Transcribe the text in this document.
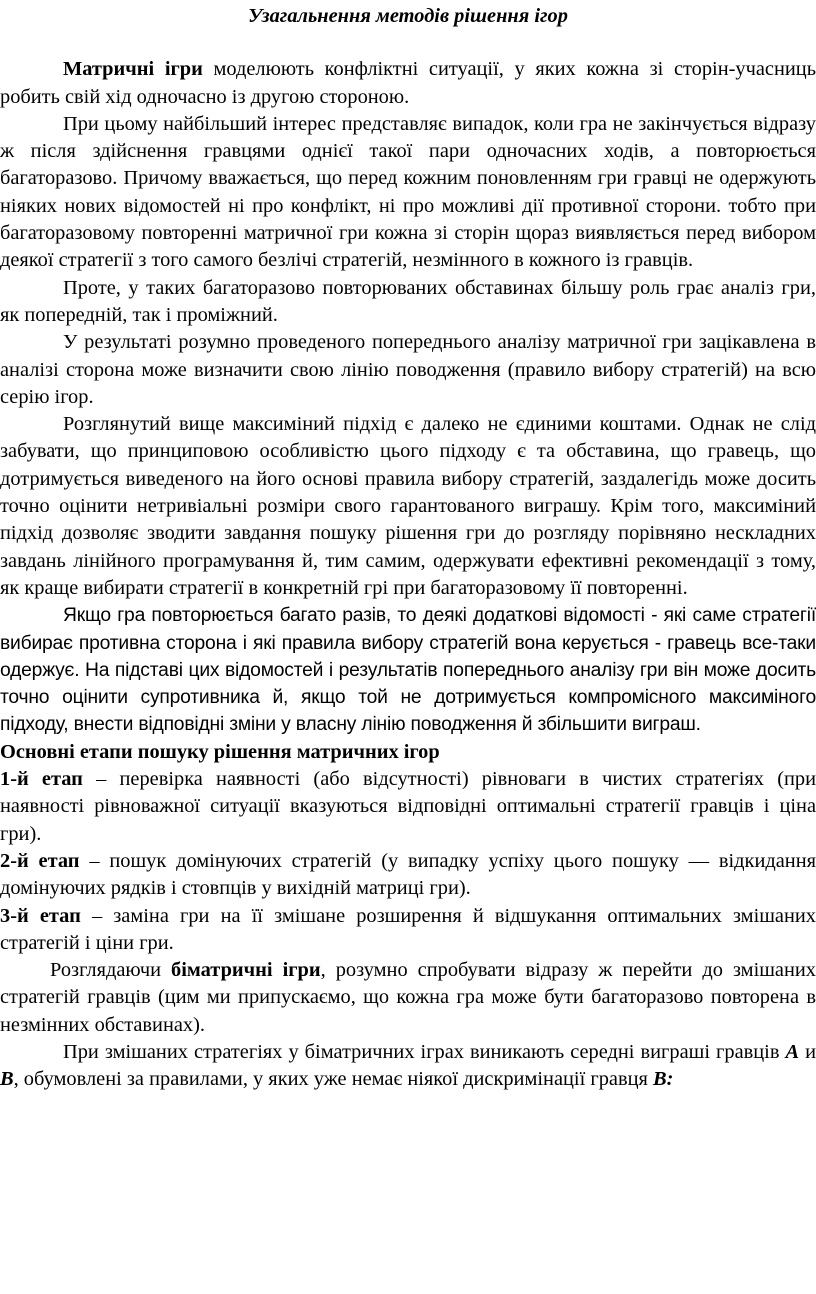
Узагальнення методів рішення ігор

Матричні ігри моделюють конфліктні ситуації, у яких кожна зі сторін-учасниць робить свій хід одночасно із другою стороною.

При цьому найбільший інтерес представляє випадок, коли гра не закінчується відразу ж після здійснення гравцями однієї такої пари одночасних ходів, а повторюється багаторазово. Причому вважається, що перед кожним поновленням гри гравці не одержують ніяких нових відомостей ні про конфлікт, ні про можливі дії противної сторони. тобто при багаторазовому повторенні матричної гри кожна зі сторін щораз виявляється перед вибором деякої стратегії з того самого безлічі стратегій, незмінного в кожного із гравців.

Проте, у таких багаторазово повторюваних обставинах більшу роль грає аналіз гри, як попередній, так і проміжний.

У результаті розумно проведеного попереднього аналізу матричної гри зацікавлена в аналізі сторона може визначити свою лінію поводження (правило вибору стратегій) на всю серію ігор.

Розглянутий вище максиміний підхід є далеко не єдиними коштами. Однак не слід забувати, що принциповою особливістю цього підходу є та обставина, що гравець, що дотримується виведеного на його основі правила вибору стратегій, заздалегідь може досить точно оцінити нетривіальні розміри свого гарантованого виграшу. Крім того, максиміний підхід дозволяє зводити завдання пошуку рішення гри до розгляду порівняно нескладних завдань лінійного програмування й, тим самим, одержувати ефективні рекомендації з тому, як краще вибирати стратегії в конкретній грі при багаторазовому її повторенні.

Якщо гра повторюється багато разів, то деякі додаткові відомості - які саме стратегії вибирає противна сторона і які правила вибору стратегій вона керується - гравець все-таки одержує. На підставі цих відомостей і результатів попереднього аналізу гри він може досить точно оцінити супротивника й, якщо той не дотримується компромісного максиміного підходу, внести відповідні зміни у власну лінію поводження й збільшити виграш.

Основні етапи пошуку рішення матричних ігор

1-й етап – перевірка наявності (або відсутності) рівноваги в чистих стратегіях (при наявності рівноважної ситуації вказуються відповідні оптимальні стратегії гравців і ціна гри).

2-й етап – пошук домінуючих стратегій (у випадку успіху цього пошуку — відкидання домінуючих рядків і стовпців у вихідній матриці гри).

3-й етап – заміна гри на її змішане розширення й відшукання оптимальних змішаних стратегій і ціни гри.

Розглядаючи біматричні ігри, розумно спробувати відразу ж перейти до змішаних стратегій гравців (цим ми припускаємо, що кожна гра може бути багаторазово повторена в незмінних обставинах).

При змішаних стратегіях у біматричних іграх виникають середні виграші гравців A и B, обумовлені за правилами, у яких уже немає ніякої дискримінації гравця B:
